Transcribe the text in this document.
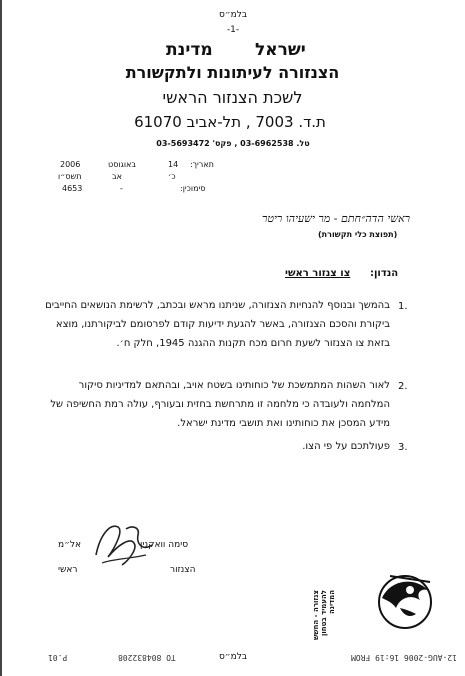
בלמ״ס
-1-
ישראל
מדינת
הצנזורה לעיתונות ולתקשורת
לשכת הצנזור הראשי
ת.ד. 7003 , תל-אביב 61070
טל. 03-6962538 , פקס' 03-5693472
תאריך:
14
באוגוסט
2006
כ׳
אב
תשס״ו
סימוכין:
-
4653
ראשי הדה״חתם - מר ישעיהו ריטר
(תפוצת כלי תקשורת)
הנדון:
צו צנזור ראשי
1.
בהמשך ובנוסף להנחיות הצנזורה, שניתנו מראש ובכתב, לרשימת הנושאים החייבים ביקורת והסכם הצנזורה, באשר להגעת ידיעות קודם לפרסומם לביקורתנו, מוצא בזאת צו הצנזור לשעת חרום מכח תקנות ההגנה 1945, חלק ח׳.
2.
לאור השהות המתמשכת של כוחותינו בשטח אויב, ובהתאם למדיניות סיקור המלחמה ולעובדה כי מלחמה זו מתרחשת בחזית ובעורף, עולה רמת החשיפה של מידע המסכן את כוחותינו ואת תושבי מדינת ישראל.
3.
פעולתכם על פי הצו.
סימה וואקנין
אל״מ
הצנזור
ראשי
צנזורה - החשש להעמיד בטחון המדינה
בלמ״ס	12-AUG-2006 16:19 FROM
TO 804832208
P.01
